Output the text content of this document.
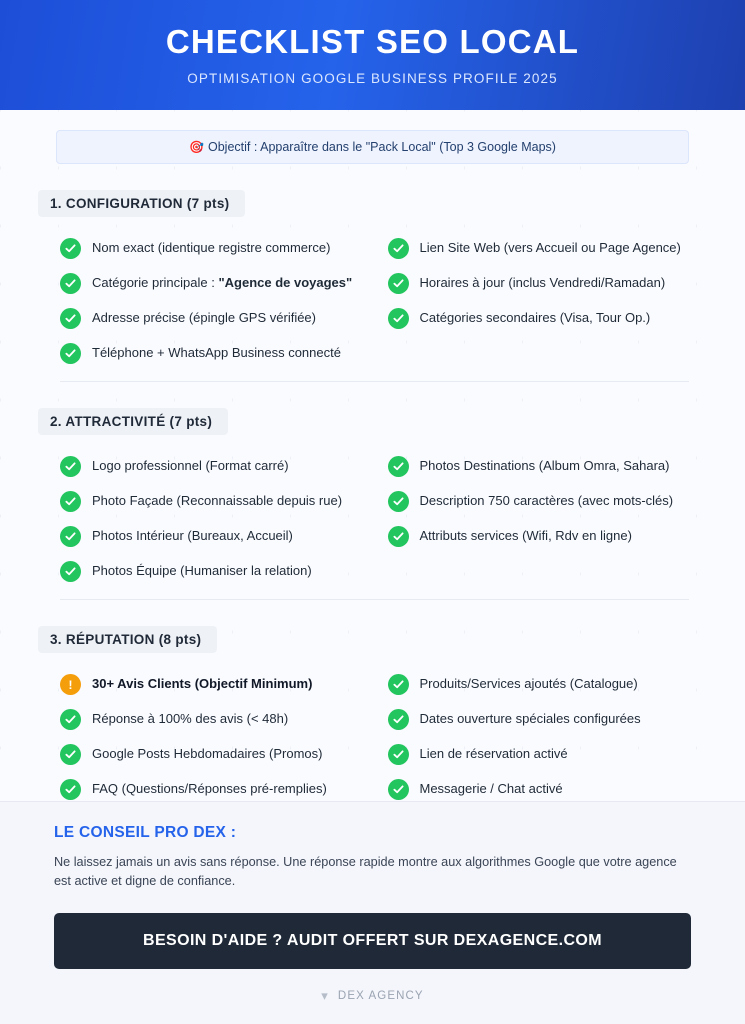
CHECKLIST SEO LOCAL
OPTIMISATION GOOGLE BUSINESS PROFILE 2025
🎯 Objectif : Apparaître dans le "Pack Local" (Top 3 Google Maps)
1. CONFIGURATION (7 pts)
Nom exact (identique registre commerce)	Lien Site Web (vers Accueil ou Page Agence)
Catégorie principale : "Agence de voyages"	Horaires à jour (inclus Vendredi/Ramadan)
Adresse précise (épingle GPS vérifiée)	Catégories secondaires (Visa, Tour Op.)
Téléphone + WhatsApp Business connecté
2. ATTRACTIVITÉ (7 pts)
Logo professionnel (Format carré)	Photos Destinations (Album Omra, Sahara)
Photo Façade (Reconnaissable depuis rue)	Description 750 caractères (avec mots-clés)
Photos Intérieur (Bureaux, Accueil)	Attributs services (Wifi, Rdv en ligne)
Photos Équipe (Humaniser la relation)
3. RÉPUTATION (8 pts)
!	30+ Avis Clients (Objectif Minimum)	Produits/Services ajoutés (Catalogue)
Réponse à 100% des avis (< 48h)	Dates ouverture spéciales configurées
Google Posts Hebdomadaires (Promos)	Lien de réservation activé
FAQ (Questions/Réponses pré-remplies)	Messagerie / Chat activé
LE CONSEIL PRO DEX :
Ne laissez jamais un avis sans réponse. Une réponse rapide montre aux algorithmes Google que votre agence est active et digne de confiance.
BESOIN D'AIDE ? AUDIT OFFERT SUR DEXAGENCE.COM
▾ DEX AGENCY
